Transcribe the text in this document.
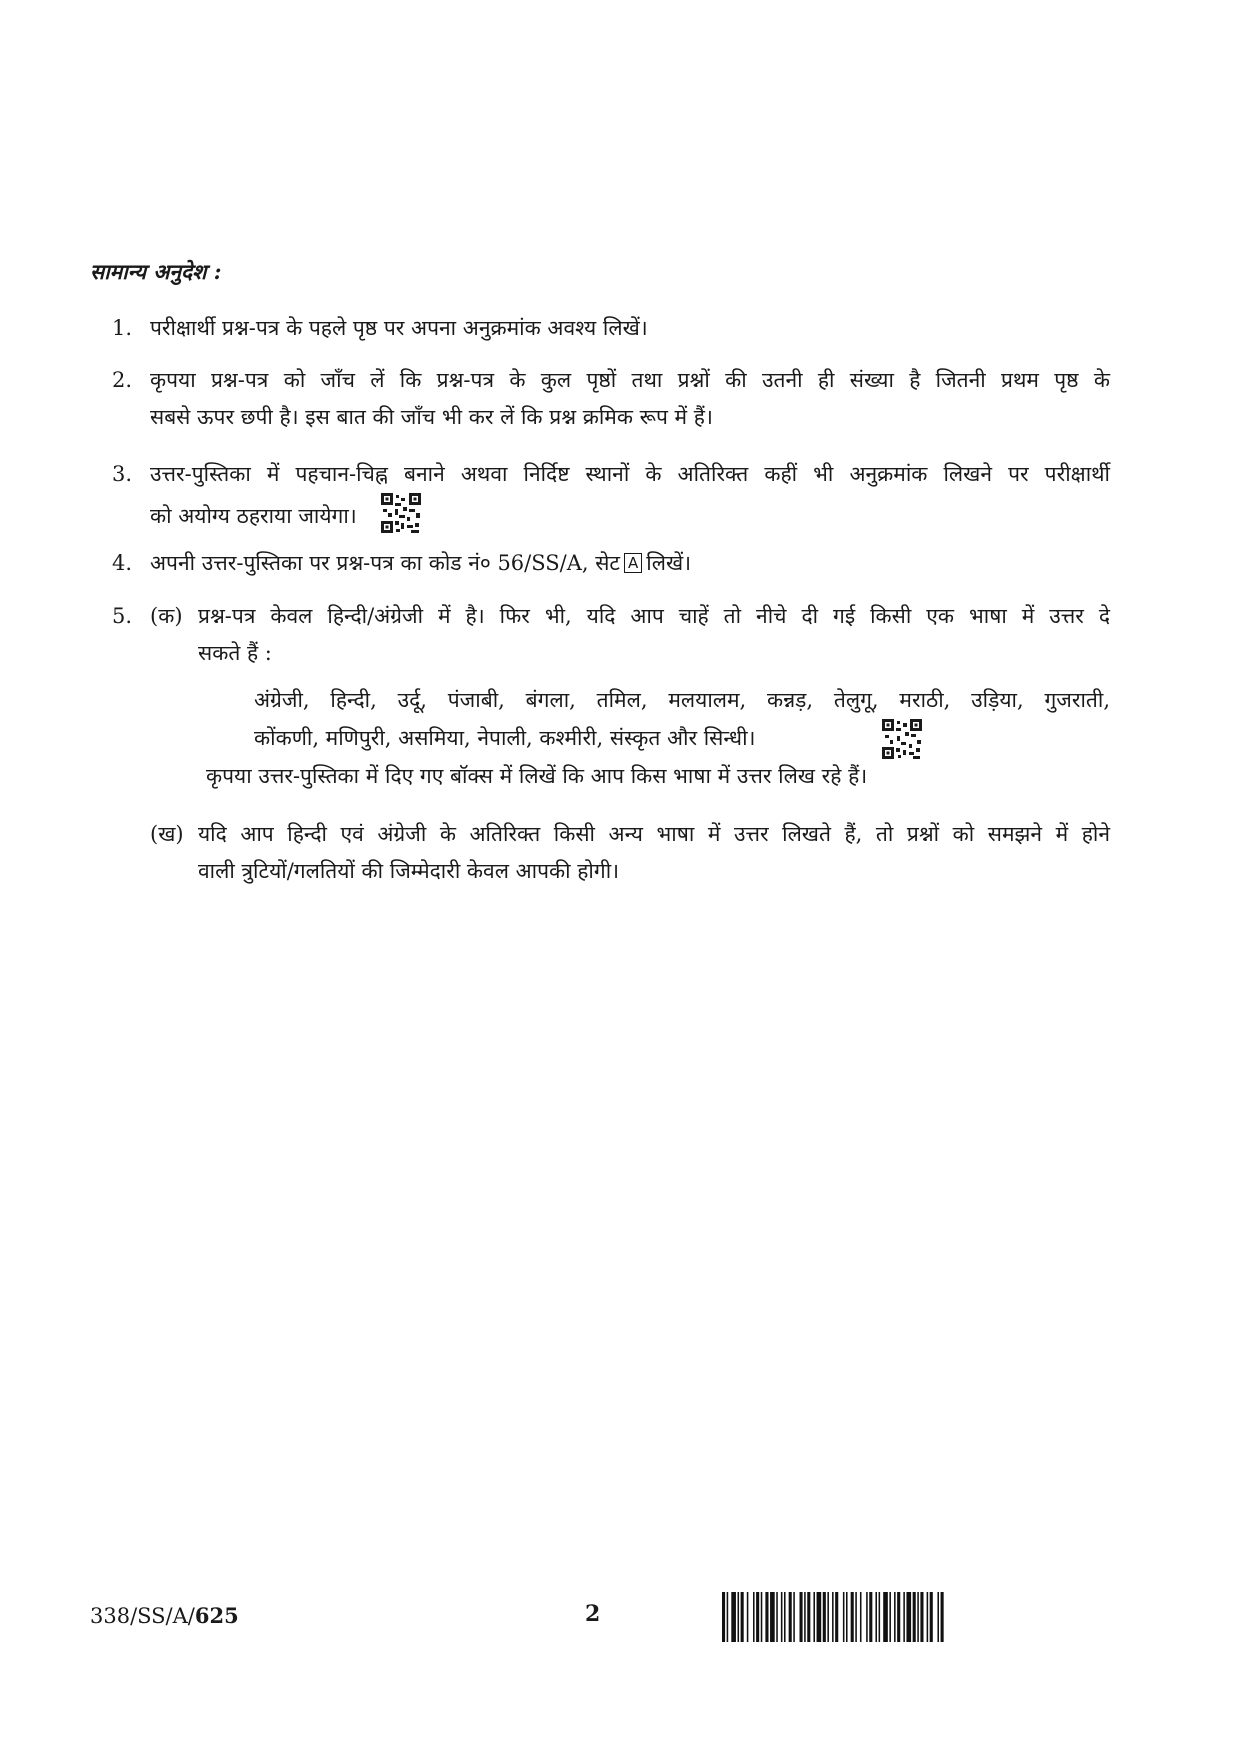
सामान्य अनुदेश :
1. परीक्षार्थी प्रश्न-पत्र के पहले पृष्ठ पर अपना अनुक्रमांक अवश्य लिखें।
2. कृपया प्रश्न-पत्र को जाँच लें कि प्रश्न-पत्र के कुल पृष्ठों तथा प्रश्नों की उतनी ही संख्या है जितनी प्रथम पृष्ठ के
सबसे ऊपर छपी है। इस बात की जाँच भी कर लें कि प्रश्न क्रमिक रूप में हैं।
3. उत्तर-पुस्तिका में पहचान-चिह्न बनाने अथवा निर्दिष्ट स्थानों के अतिरिक्त कहीं भी अनुक्रमांक लिखने पर परीक्षार्थी
को अयोग्य ठहराया जायेगा।
4. अपनी उत्तर-पुस्तिका पर प्रश्न-पत्र का कोड नं० 56/SS/A, सेट A लिखें।
5. (क) प्रश्न-पत्र केवल हिन्दी/अंग्रेजी में है। फिर भी, यदि आप चाहें तो नीचे दी गई किसी एक भाषा में उत्तर दे
सकते हैं :
अंग्रेजी, हिन्दी, उर्दू, पंजाबी, बंगला, तमिल, मलयालम, कन्नड़, तेलुगू, मराठी, उड़िया, गुजराती,
कोंकणी, मणिपुरी, असमिया, नेपाली, कश्मीरी, संस्कृत और सिन्धी।
कृपया उत्तर-पुस्तिका में दिए गए बॉक्स में लिखें कि आप किस भाषा में उत्तर लिख रहे हैं।
(ख) यदि आप हिन्दी एवं अंग्रेजी के अतिरिक्त किसी अन्य भाषा में उत्तर लिखते हैं, तो प्रश्नों को समझने में होने
वाली त्रुटियों/गलतियों की जिम्मेदारी केवल आपकी होगी।
338/SS/A/625	2
